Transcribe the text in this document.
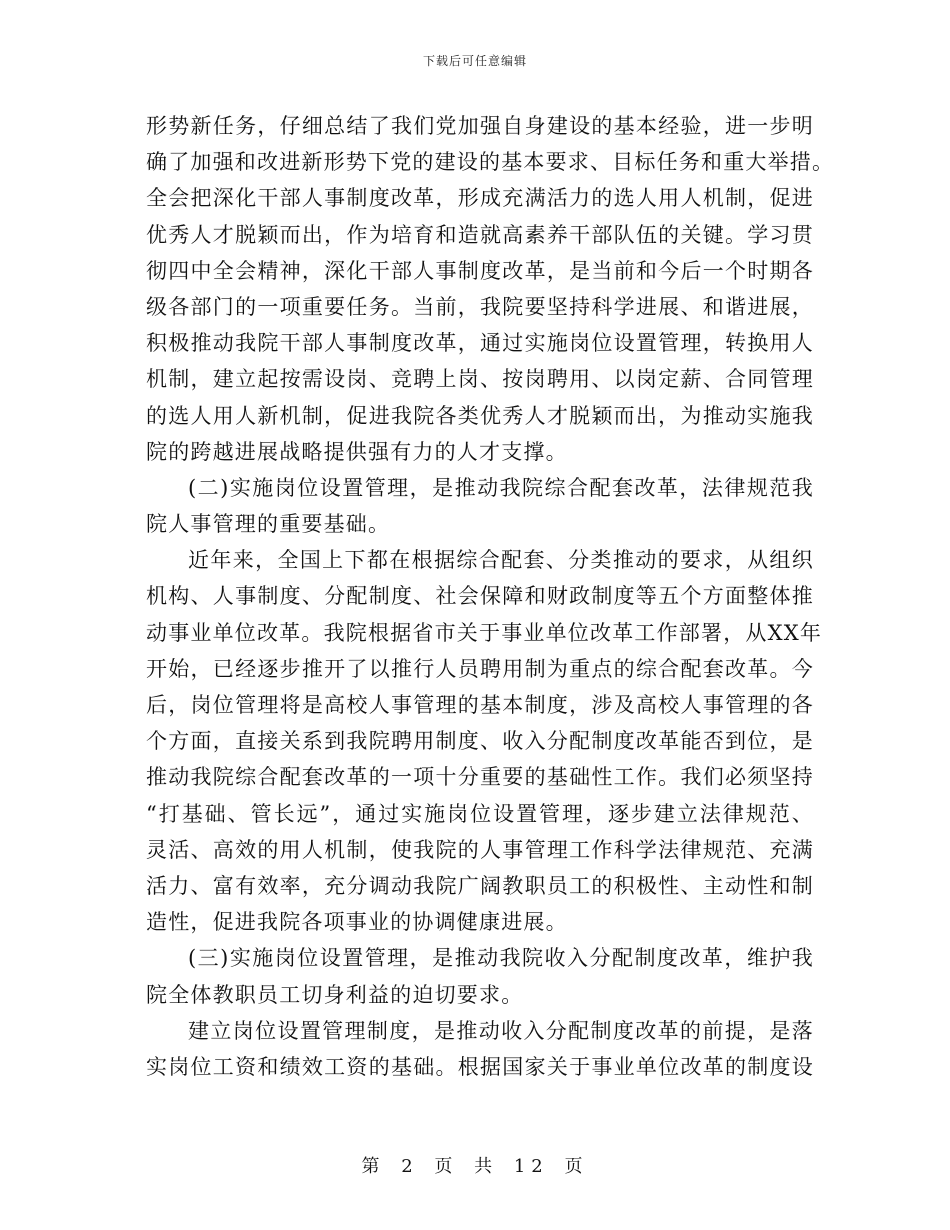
下载后可任意编辑
形势新任务，仔细总结了我们党加强自身建设的基本经验，进一步明
确了加强和改进新形势下党的建设的基本要求、目标任务和重大举措。
全会把深化干部人事制度改革，形成充满活力的选人用人机制，促进
优秀人才脱颖而出，作为培育和造就高素养干部队伍的关键。学习贯
彻四中全会精神，深化干部人事制度改革，是当前和今后一个时期各
级各部门的一项重要任务。当前，我院要坚持科学进展、和谐进展，
积极推动我院干部人事制度改革，通过实施岗位设置管理，转换用人
机制，建立起按需设岗、竞聘上岗、按岗聘用、以岗定薪、合同管理
的选人用人新机制，促进我院各类优秀人才脱颖而出，为推动实施我
院的跨越进展战略提供强有力的人才支撑。
(二)实施岗位设置管理，是推动我院综合配套改革，法律规范我
院人事管理的重要基础。
近年来，全国上下都在根据综合配套、分类推动的要求，从组织
机构、人事制度、分配制度、社会保障和财政制度等五个方面整体推
动事业单位改革。我院根据省市关于事业单位改革工作部署，从XX年
开始，已经逐步推开了以推行人员聘用制为重点的综合配套改革。今
后，岗位管理将是高校人事管理的基本制度，涉及高校人事管理的各
个方面，直接关系到我院聘用制度、收入分配制度改革能否到位，是
推动我院综合配套改革的一项十分重要的基础性工作。我们必须坚持
“打基础、管长远”，通过实施岗位设置管理，逐步建立法律规范、
灵活、高效的用人机制，使我院的人事管理工作科学法律规范、充满
活力、富有效率，充分调动我院广阔教职员工的积极性、主动性和制
造性，促进我院各项事业的协调健康进展。
(三)实施岗位设置管理，是推动我院收入分配制度改革，维护我
院全体教职员工切身利益的迫切要求。
建立岗位设置管理制度，是推动收入分配制度改革的前提，是落
实岗位工资和绩效工资的基础。根据国家关于事业单位改革的制度设
第 2 页 共 12 页
